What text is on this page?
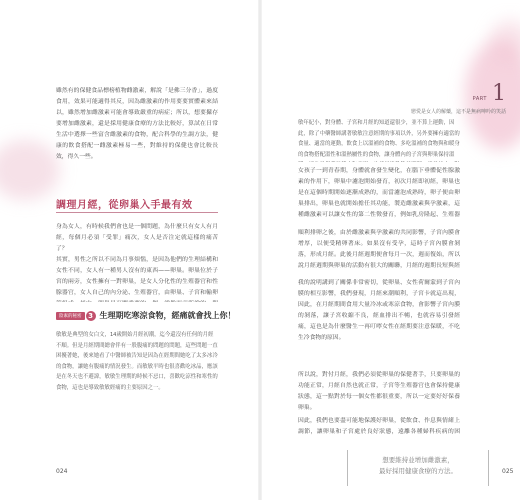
PART 1
戀愛是女人的解藥，這不是無病呻吟的笑話

雖然有的保健食品標榜植物雌激素，解說「是佛三分香」，過度食用，效果可能適得其反，因為雌激素的作用要要實體素來結以，雖然增加雌激素可能會導致嚴重的病症；所以，想要攝存要增加雌激素，還是採用健康食療的方法比較好，算試在日常生活中選擇一些富含雌激素的食物，配合科學的生調方法，健康的飲食搭配一雌激素極易一些，對維持的保健也會比較長效，得久一些。

調理月經，從卵巢入手最有效

身為女人，有時候我們會也是一個問題，為什麼只有女人有月經，每個月必須「受罪」痛次，女人是否注定就這樣的痛苦了？
其實，男性之所以不同為月事煩惱，是因為他們的生理結構和女性不同，女人有一種男人沒有的東西——卵巢。卵巢位於子宮的兩旁，女性擁有一對卵巢，是女人分化性的生殖器官和性腺器官，女人自己的內分泌、生殖器官，由卵巢、子宮和輸卵

陰素的秘密 3 生理期吃寒涼食物，經痛就會找上你！

敏敏是典型的女白文，14歲開始月經初潮，迄今還沒有任何的月經不順。但是月經期間總會伴有一股腹痛的問題的問題，這些問題一直困擾著她，後來她看了中醫師被告知是因為在經期間她吃了太多冰冷的食物，讓她有腹痛的情況發生。而敏敏平時也很喜歡吃冰品，應該是在冬天也不避諱，敏敏生理期的時候不忌口，喜歡吃涼性和寒性的食物，這也是導致敏敏經痛的主要原因之一。

024

敏年紀小，對身體、子宮和月經的知道還很少，並不算上運動，因此，除了中藥醫師講著敏敏注意經期的事項以外，另外要擁有適當的食量、適當的運動，飲食上以溫補的食物、多吃溫補的食物與和暖身的食物搭配溫性和溫熱屬性的食物，讓身體內的子宮與卵巢保持溫

女孩子一到青春期，身體就會發生變化，在腦下垂體促性腺激素的作用下，卵巢中濾泡開始發育，初次月經即初經，卵巢也是在這個時期開始逐漸成熟的，而當濾泡成熟時，卵子便由卵巢排出，卵巢也就開始擔任其功能，製造雌激素與孕激素，這種雌激素可以讓女性的第二性徵發育，例如乳房隆起、生殖器

順利排卵之後，由於雌激素與孕激素的共同影響，子宮內膜會增厚，以便受精卵著床。如果沒有受孕，這時子宮內膜會剝落，形成月經。此後月經週期便會每月一次，週而復始，所以說月經週期與卵巢的活動有很大的關聯，月經的週期長短與經

我的說明講到了關係非常密切，從卵巢、女性荷爾蒙到子宮內膜的相互影響，我們發現，月經來潮順利，子宮卡就這出現，因此，在月經期間食用大量冷冰或寒涼食物，會影響子宮內膜的剝落，讓子宮收縮不良，經血排出不暢，也就容易引發經痛，這也是為什麼醫生一再叮嚀女性在經期要注意保暖，不吃生冷食物的原因。

所以說，對付月經，我們必須從卵巢的保健著手，只要卵巢的功能正常，月經自然也就正常，子宮等生殖器官也會保持健康狀態，這一點對於每一個女性都很重要，所以一定要好好保養卵巢。

因此，我們也要盡可能地保護好卵巢，從飲食、作息與情緒上調節，讓卵巢和子宮處於良好狀態，遠離各種婦科疾病的困

想要維持並增加雌激素，
最好採用健康食療的方法。	025
